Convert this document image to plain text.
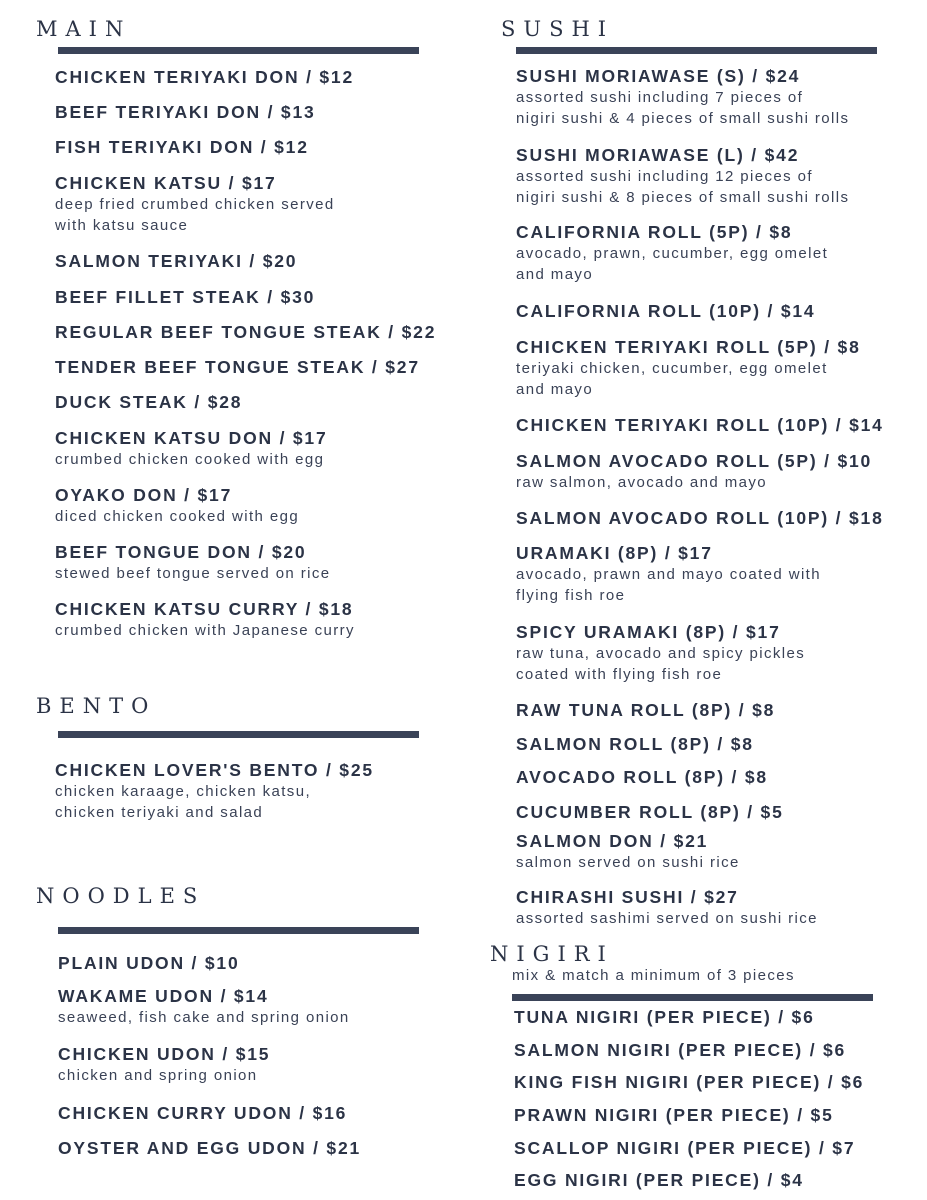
MAIN
BENTO
NOODLES
SUSHI
NIGIRI
mix & match a minimum of 3 pieces
CHICKEN TERIYAKI DON / $12
BEEF TERIYAKI DON / $13
FISH TERIYAKI DON / $12
CHICKEN KATSU / $17
deep fried crumbed chicken served
with katsu sauce
SALMON TERIYAKI / $20
BEEF FILLET STEAK / $30
REGULAR BEEF TONGUE STEAK / $22
TENDER BEEF TONGUE STEAK / $27
DUCK STEAK / $28
CHICKEN KATSU DON / $17
crumbed chicken cooked with egg
OYAKO DON / $17
diced chicken cooked with egg
BEEF TONGUE DON / $20
stewed beef tongue served on rice
CHICKEN KATSU CURRY / $18
crumbed chicken with Japanese curry
CHICKEN LOVER'S BENTO / $25
chicken karaage, chicken katsu,
chicken teriyaki and salad
PLAIN UDON / $10
WAKAME UDON / $14
seaweed, fish cake and spring onion
CHICKEN UDON / $15
chicken and spring onion
CHICKEN CURRY UDON / $16
OYSTER AND EGG UDON / $21
SUSHI MORIAWASE (S) / $24
assorted sushi including 7 pieces of
nigiri sushi & 4 pieces of small sushi rolls
SUSHI MORIAWASE (L) / $42
assorted sushi including 12 pieces of
nigiri sushi & 8 pieces of small sushi rolls
CALIFORNIA ROLL (5P) / $8
avocado, prawn, cucumber, egg omelet
and mayo
CALIFORNIA ROLL (10P) / $14
CHICKEN TERIYAKI ROLL (5P) / $8
teriyaki chicken, cucumber, egg omelet
and mayo
CHICKEN TERIYAKI ROLL (10P) / $14
SALMON AVOCADO ROLL (5P) / $10
raw salmon, avocado and mayo
SALMON AVOCADO ROLL (10P) / $18
URAMAKI (8P) / $17
avocado, prawn and mayo coated with
flying fish roe
SPICY URAMAKI (8P) / $17
raw tuna, avocado and spicy pickles
coated with flying fish roe
RAW TUNA ROLL (8P) / $8
SALMON ROLL (8P) / $8
AVOCADO ROLL (8P) / $8
CUCUMBER ROLL (8P) / $5
SALMON DON / $21
salmon served on sushi rice
CHIRASHI SUSHI / $27
assorted sashimi served on sushi rice
TUNA NIGIRI (PER PIECE) / $6
SALMON NIGIRI (PER PIECE) / $6
KING FISH NIGIRI (PER PIECE) / $6
PRAWN NIGIRI (PER PIECE) / $5
SCALLOP NIGIRI (PER PIECE) / $7
EGG NIGIRI (PER PIECE) / $4
